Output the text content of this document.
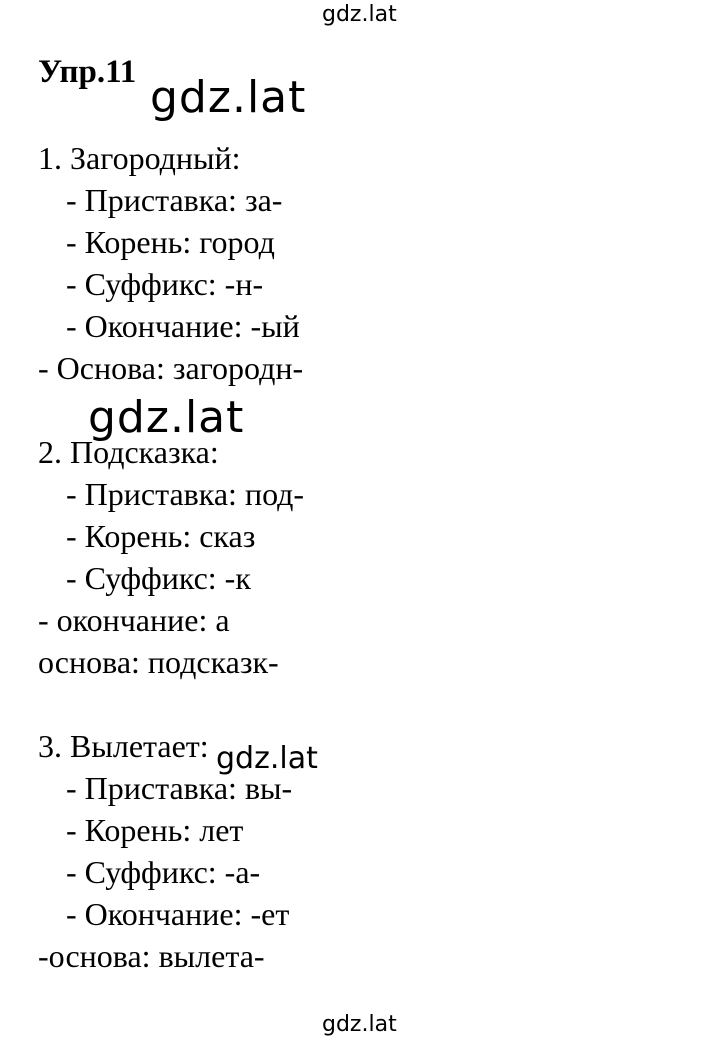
gdz.lat
gdz.lat
Упр.11 gdz.lat
1. Загородный:
- Приставка: за-
- Корень: город
- Суффикс: -н-
- Окончание: -ый
- Основа: загородн-
2. Подсказка:
gdz.lat
- Приставка: под-
- Корень: сказ
- Суффикс: -к
- окончание: а
основа: подсказк-
3. Вылетает: gdz.lat
- Приставка: вы-
- Корень: лет
- Суффикс: -а-
- Окончание: -ет
-основа: вылета-
